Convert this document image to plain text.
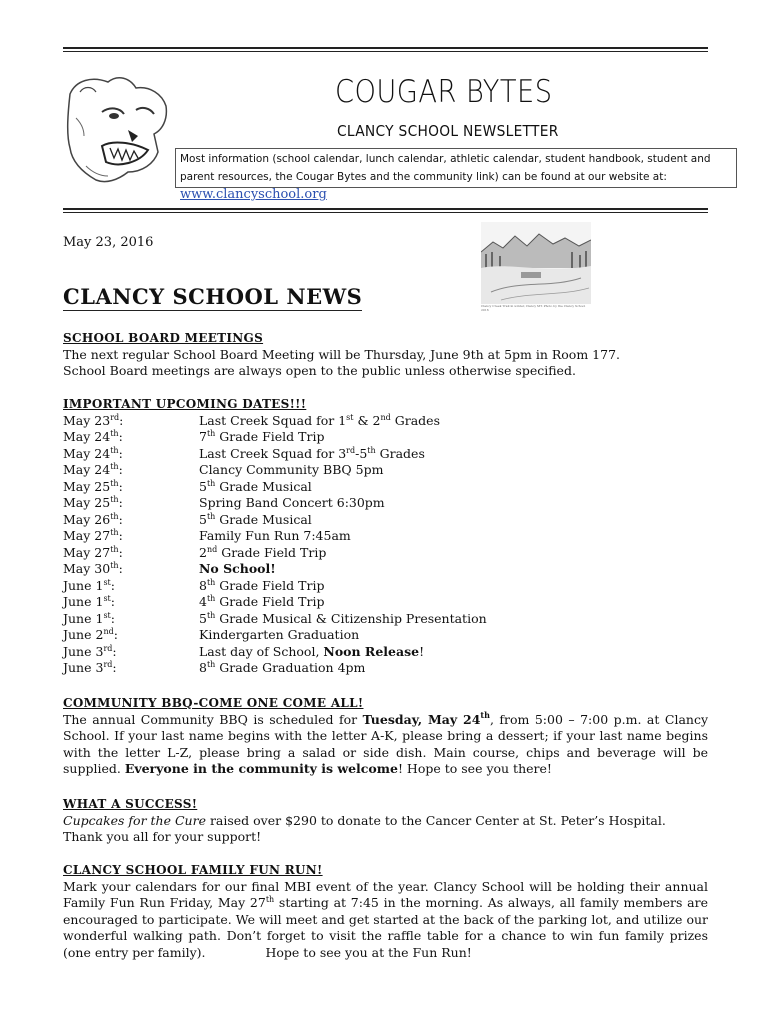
COUGAR BYTES
CLANCY SCHOOL NEWSLETTER
Most information (school calendar, lunch calendar, athletic calendar, student handbook, student and parent resources, the Cougar Bytes and the community link) can be found at our website at: www.clancyschool.org
May 23, 2016
Clancy Creek Trail in winter, Clancy MT. Photo by the Clancy School 2016
CLANCY SCHOOL NEWS
SCHOOL BOARD MEETINGS
The next regular School Board Meeting will be Thursday, June 9th at 5pm in Room 177.
School Board meetings are always open to the public unless otherwise specified.
IMPORTANT UPCOMING DATES!!!
May 23rd:	Last Creek Squad for 1st & 2nd Grades
May 24th:	7th Grade Field Trip
May 24th:	Last Creek Squad for 3rd-5th Grades
May 24th:	Clancy Community BBQ 5pm
May 25th:	5th Grade Musical
May 25th:	Spring Band Concert 6:30pm
May 26th:	5th Grade Musical
May 27th:	Family Fun Run 7:45am
May 27th:	2nd Grade Field Trip
May 30th:	No School!
June 1st:	8th Grade Field Trip
June 1st:	4th Grade Field Trip
June 1st:	5th Grade Musical & Citizenship Presentation
June 2nd:	Kindergarten Graduation
June 3rd:	Last day of School, Noon Release!
June 3rd:	8th Grade Graduation 4pm
COMMUNITY BBQ-COME ONE COME ALL!
The annual Community BBQ is scheduled for Tuesday, May 24th, from 5:00 – 7:00 p.m. at Clancy School. If your last name begins with the letter A-K, please bring a dessert; if your last name begins with the letter L-Z, please bring a salad or side dish. Main course, chips and beverage will be supplied. Everyone in the community is welcome! Hope to see you there!
WHAT A SUCCESS!
Cupcakes for the Cure raised over $290 to donate to the Cancer Center at St. Peter’s Hospital.
Thank you all for your support!
CLANCY SCHOOL FAMILY FUN RUN!
Mark your calendars for our final MBI event of the year. Clancy School will be holding their annual Family Fun Run Friday, May 27th starting at 7:45 in the morning. As always, all family members are encouraged to participate. We will meet and get started at the back of the parking lot, and utilize our wonderful walking path. Don’t forget to visit the raffle table for a chance to win fun family prizes (one entry per family).	Hope to see you at the Fun Run!
